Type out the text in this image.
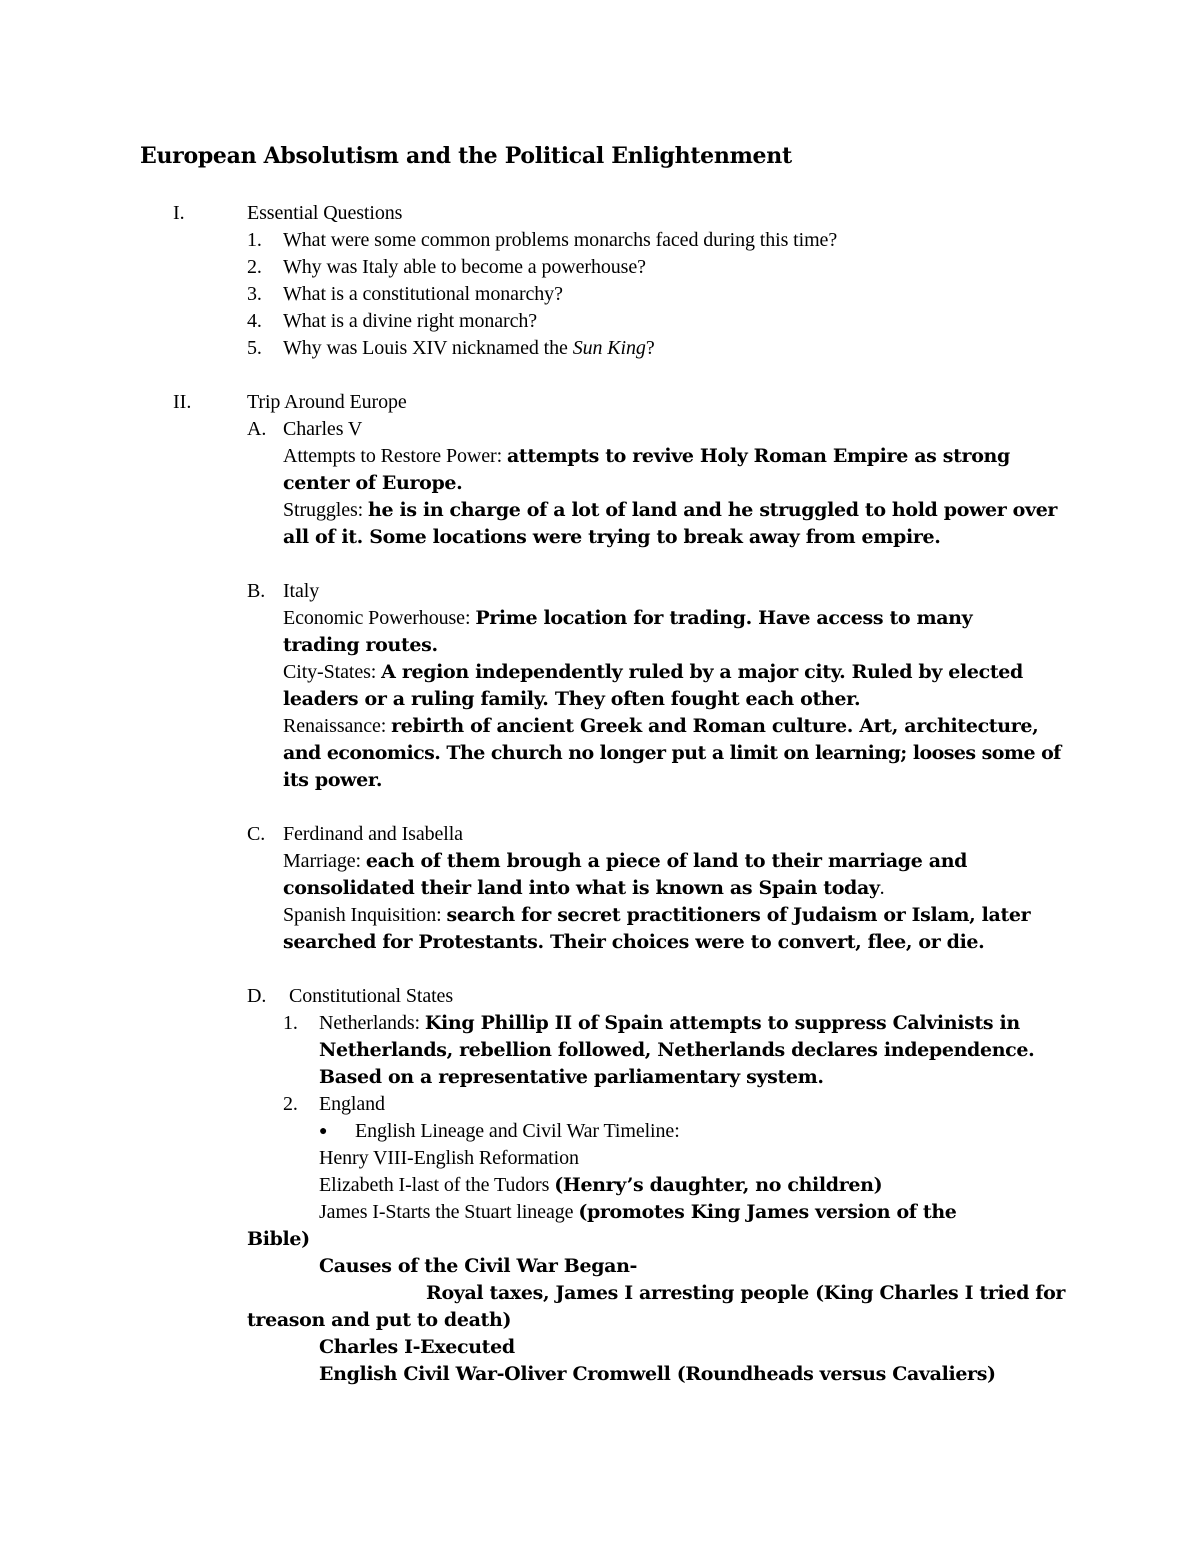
European Absolutism and the Political Enlightenment
I.	Essential Questions
1. What were some common problems monarchs faced during this time?
2. Why was Italy able to become a powerhouse?
3. What is a constitutional monarchy?
4. What is a divine right monarch?
5. Why was Louis XIV nicknamed the Sun King?
II.	Trip Around Europe
A. Charles V
Attempts to Restore Power: attempts to revive Holy Roman Empire as strong
center of Europe.
Struggles: he is in charge of a lot of land and he struggled to hold power over
all of it. Some locations were trying to break away from empire.
B. Italy
Economic Powerhouse: Prime location for trading. Have access to many
trading routes.
City-States: A region independently ruled by a major city. Ruled by elected
leaders or a ruling family. They often fought each other.
Renaissance: rebirth of ancient Greek and Roman culture. Art, architecture,
and economics. The church no longer put a limit on learning; looses some of
its power.
C. Ferdinand and Isabella
Marriage: each of them brough a piece of land to their marriage and
consolidated their land into what is known as Spain today.
Spanish Inquisition: search for secret practitioners of Judaism or Islam, later
searched for Protestants. Their choices were to convert, flee, or die.
D. Constitutional States
1. Netherlands: King Phillip II of Spain attempts to suppress Calvinists in
Netherlands, rebellion followed, Netherlands declares independence.
Based on a representative parliamentary system.
2. England
● English Lineage and Civil War Timeline:
Henry VIII-English Reformation
Elizabeth I-last of the Tudors (Henry’s daughter, no children)
James I-Starts the Stuart lineage (promotes King James version of the
Bible)
Causes of the Civil War Began-
Royal taxes, James I arresting people (King Charles I tried for
treason and put to death)
Charles I-Executed
English Civil War-Oliver Cromwell (Roundheads versus Cavaliers)
